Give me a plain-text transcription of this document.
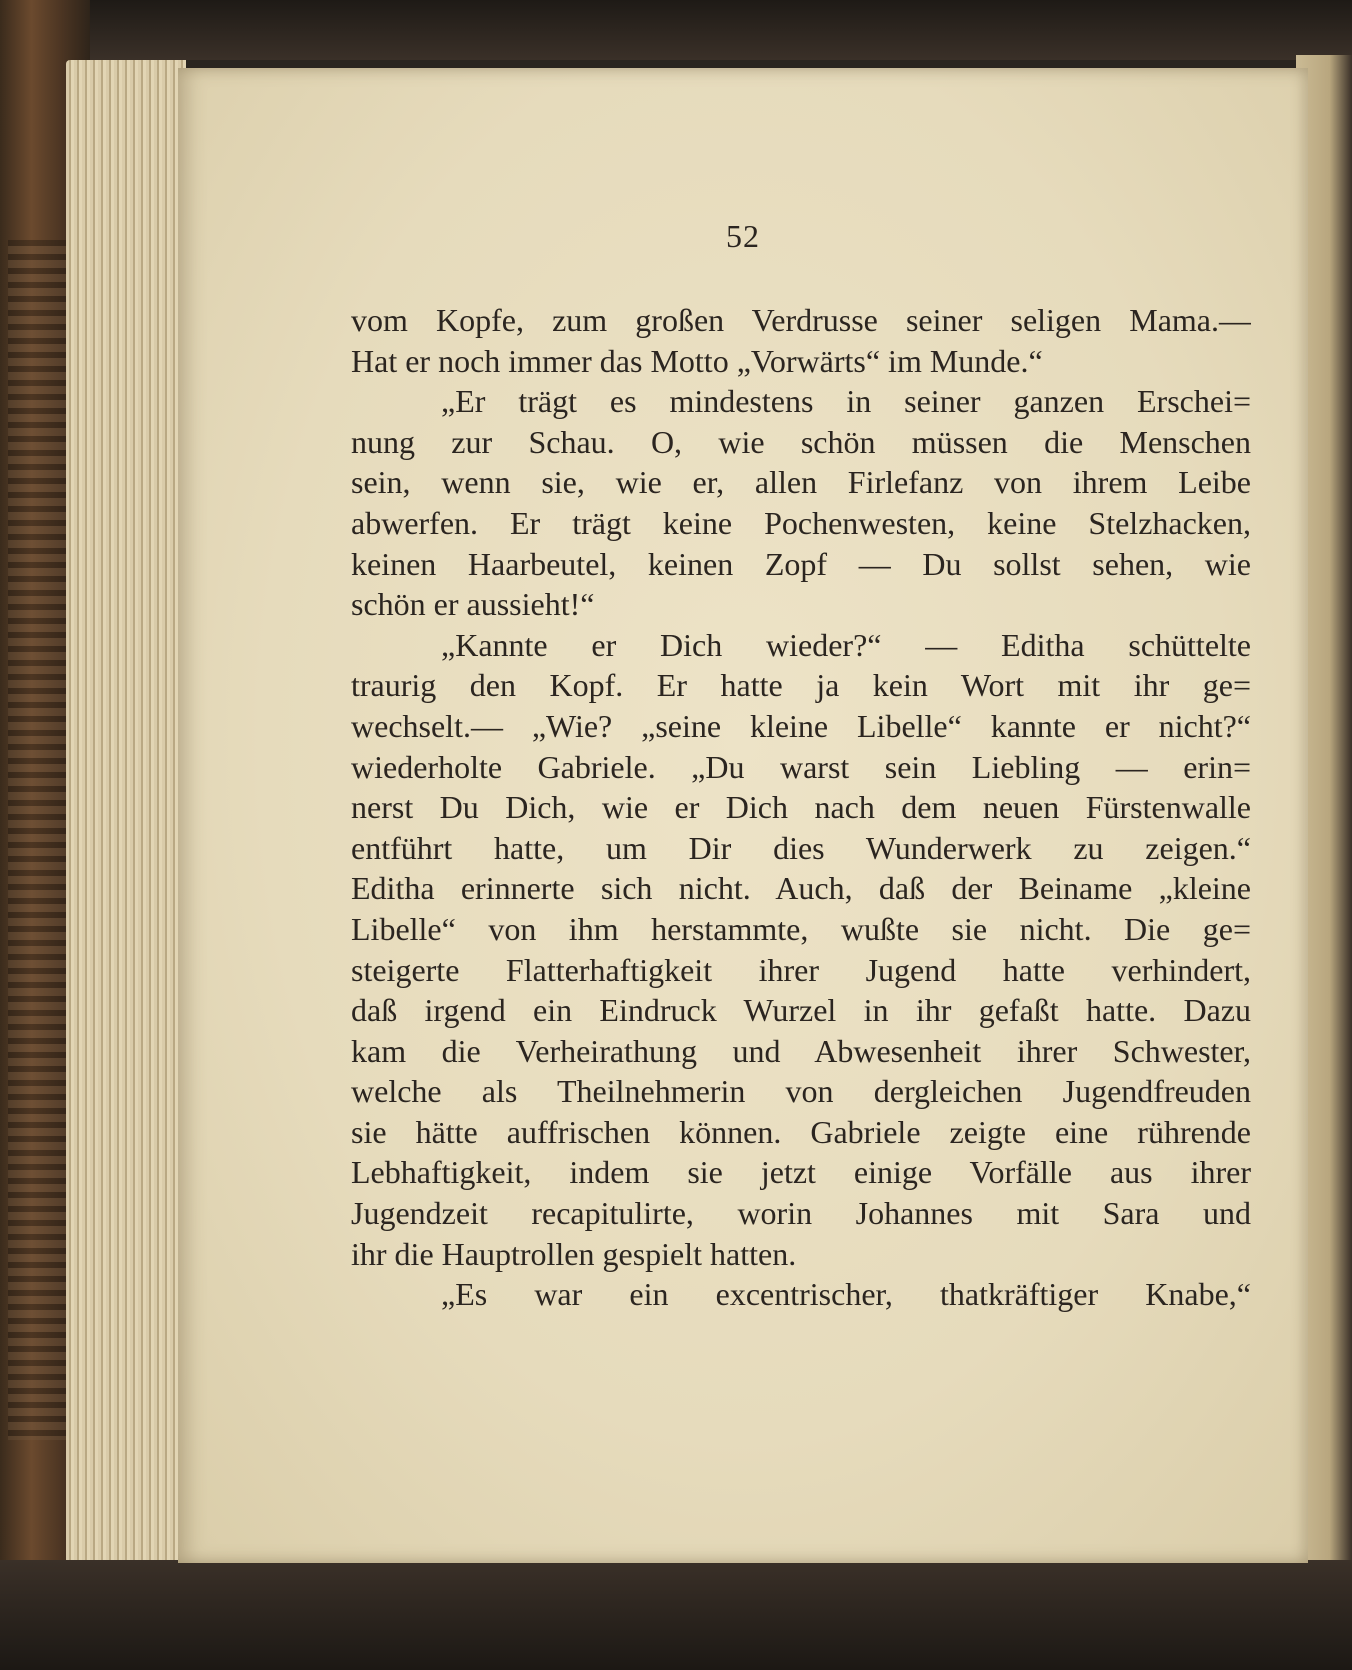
52
vom Kopfe, zum großen Verdrusse seiner seligen Mama.—
Hat er noch immer das Motto „Vorwärts“ im Munde.“
„Er trägt es mindestens in seiner ganzen Erschei=
nung zur Schau. O, wie schön müssen die Menschen
sein, wenn sie, wie er, allen Firlefanz von ihrem Leibe
abwerfen. Er trägt keine Pochenwesten, keine Stelzhacken,
keinen Haarbeutel, keinen Zopf — Du sollst sehen, wie
schön er aussieht!“
„Kannte er Dich wieder?“ — Editha schüttelte
traurig den Kopf. Er hatte ja kein Wort mit ihr ge=
wechselt.— „Wie? „seine kleine Libelle“ kannte er nicht?“
wiederholte Gabriele. „Du warst sein Liebling — erin=
nerst Du Dich, wie er Dich nach dem neuen Fürstenwalle
entführt hatte, um Dir dies Wunderwerk zu zeigen.“
Editha erinnerte sich nicht. Auch, daß der Beiname „kleine
Libelle“ von ihm herstammte, wußte sie nicht. Die ge=
steigerte Flatterhaftigkeit ihrer Jugend hatte verhindert,
daß irgend ein Eindruck Wurzel in ihr gefaßt hatte. Dazu
kam die Verheirathung und Abwesenheit ihrer Schwester,
welche als Theilnehmerin von dergleichen Jugendfreuden
sie hätte auffrischen können. Gabriele zeigte eine rührende
Lebhaftigkeit, indem sie jetzt einige Vorfälle aus ihrer
Jugendzeit recapitulirte, worin Johannes mit Sara und
ihr die Hauptrollen gespielt hatten.
„Es war ein excentrischer, thatkräftiger Knabe,“
